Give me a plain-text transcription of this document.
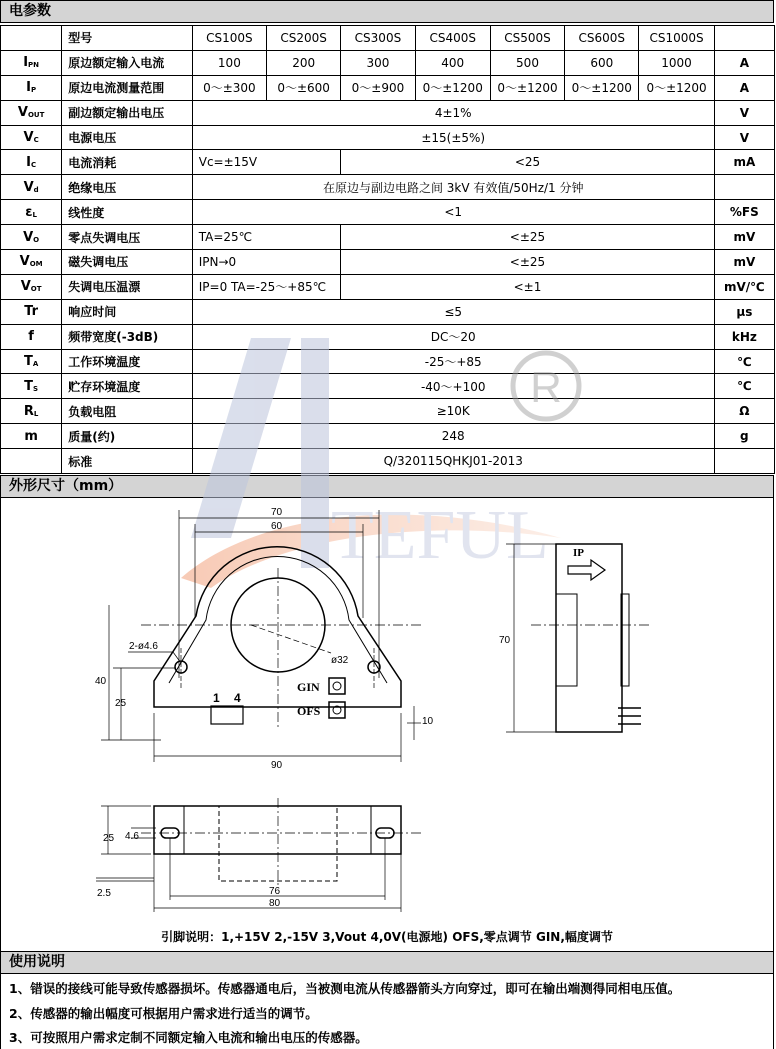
电参数
	型号	CS100S	CS200S	CS300S	CS400S	CS500S	CS600S	CS1000S	
$I_{PN}$	原边额定输入电流	100	200	300	400	500	600	1000	A
$I_P$	原边电流测量范围	0～±300	0～±600	0～±900	0～±1200	0～±1200	0～±1200	0～±1200	A
$V_{OUT}$	副边额定输出电压	4±1%							V
$V_C$	电源电压	±15(±5%)							V
$I_C$	电流消耗	Vc=±15V		<25					mA
$V_d$	绝缘电压	在原边与副边电路之间 3kV 有效值/50Hz/1 分钟							
$\varepsilon_L$	线性度	<1							%FS
$V_O$	零点失调电压	TA=25℃		<±25					mV
$V_{OM}$	磁失调电压	IPN→0		<±25					mV
$V_{OT}$	失调电压温漂	IP=0 TA=-25～+85℃		<±1					mV/℃
Tr	响应时间	≤5							μs
f	频带宽度(-3dB)	DC～20							kHz
$T_A$	工作环境温度	-25～+85							℃
$T_S$	贮存环境温度	-40～+100							℃
$R_L$	负载电阻	≥10K							Ω
m	质量(约)	248							g
	标准	Q/320115QHKJ01-2013							
外形尺寸（mm）
TEFUL
R
70
60
2-ø4.6
ø32
40
25
90
10
1 4
GIN
OFS
70
IP
25 4.6
76
80
2.5
引脚说明：1,+15V 2,-15V 3,Vout 4,0V(电源地) OFS,零点调节 GIN,幅度调节
使用说明
1、错误的接线可能导致传感器损坏。传感器通电后，当被测电流从传感器箭头方向穿过，即可在输出端测得同相电压值。
2、传感器的输出幅度可根据用户需求进行适当的调节。
3、可按照用户需求定制不同额定输入电流和输出电压的传感器。
